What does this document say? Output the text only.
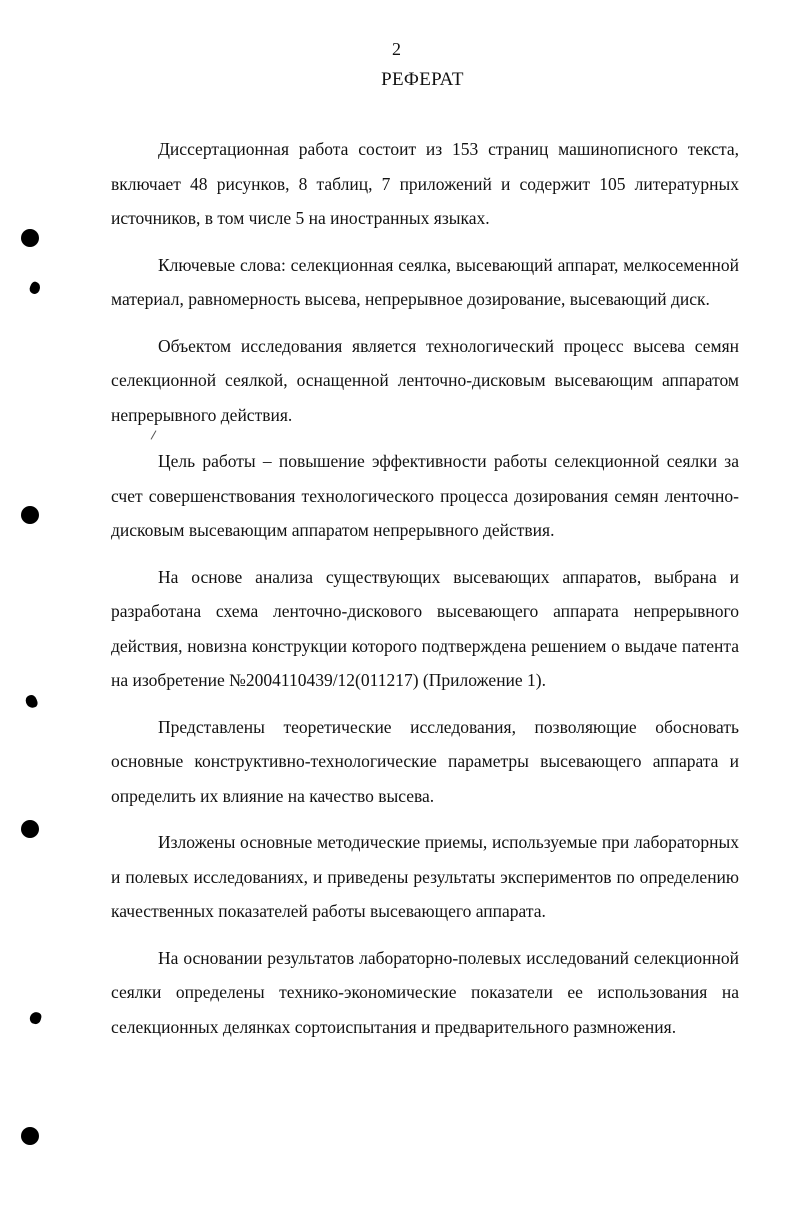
2
РЕФЕРАТ

Диссертационная работа состоит из 153 страниц машинописного текста, включает 48 рисунков, 8 таблиц, 7 приложений и содержит 105 литературных источников, в том числе 5 на иностранных языках.

Ключевые слова: селекционная сеялка, высевающий аппарат, мелкосеменной материал, равномерность высева, непрерывное дозирование, высевающий диск.

Объектом исследования является технологический процесс высева семян селекционной сеялкой, оснащенной ленточно-дисковым высевающим аппаратом непрерывного действия.

Цель работы – повышение эффективности работы селекционной сеялки за счет совершенствования технологического процесса дозирования семян ленточно-дисковым высевающим аппаратом непрерывного действия.

На основе анализа существующих высевающих аппаратов, выбрана и разработана схема ленточно-дискового высевающего аппарата непрерывного действия, новизна конструкции которого подтверждена решением о выдаче патента на изобретение №2004110439/12(011217) (Приложение 1).

Представлены теоретические исследования, позволяющие обосновать основные конструктивно-технологические параметры высевающего аппарата и определить их влияние на качество высева.

Изложены основные методические приемы, используемые при лабораторных и полевых исследованиях, и приведены результаты экспериментов по определению качественных показателей работы высевающего аппарата.

На основании результатов лабораторно-полевых исследований селекционной сеялки определены технико-экономические показатели ее использования на селекционных делянках сортоиспытания и предварительного размножения.
